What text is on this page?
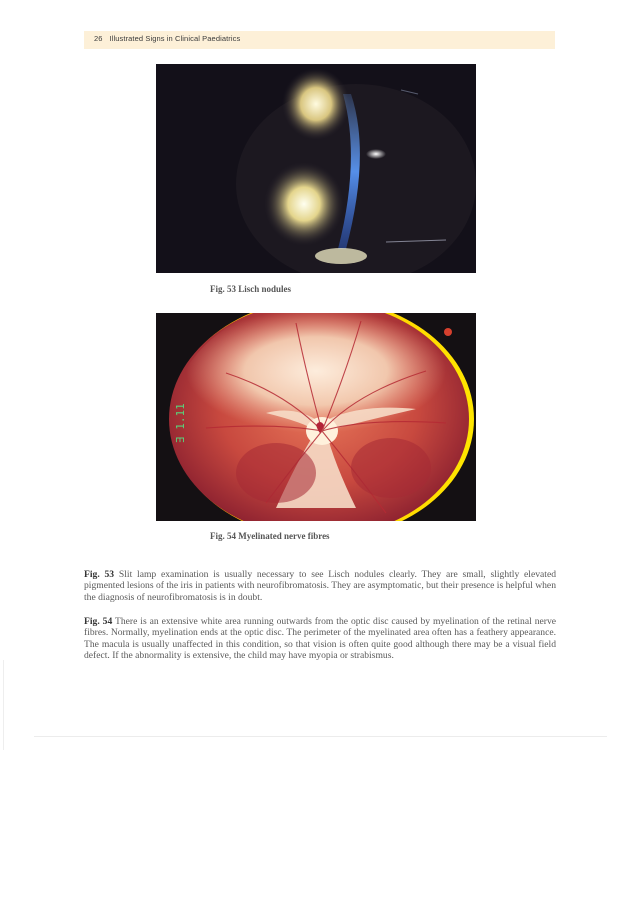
26 Illustrated Signs in Clinical Paediatrics
Fig. 53 Lisch nodules
∃ 1.11
Fig. 54 Myelinated nerve fibres

Fig. 53 Slit lamp examination is usually necessary to see Lisch nodules clearly. They are small, slightly elevated pigmented lesions of the iris in patients with neurofibromatosis. They are asymptomatic, but their presence is helpful when the diagnosis of neurofibromatosis is in doubt.

Fig. 54 There is an extensive white area running outwards from the optic disc caused by myelination of the retinal nerve fibres. Normally, myelination ends at the optic disc. The perimeter of the myelinated area often has a feathery appearance. The macula is usually unaffected in this condition, so that vision is often quite good although there may be a visual field defect. If the abnormality is extensive, the child may have myopia or strabismus.
